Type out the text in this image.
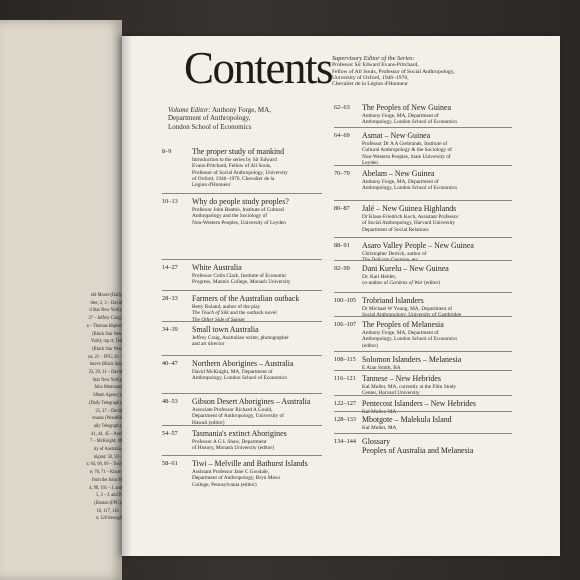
eld Moore (Daily
ther; 2, 3 – David
d Star New York);
37 – Jeffrey Craig;
a – Thomas Höpker
(Black Star New
York); top rt; Ted
(Black Star New
ns; 21 – FPG; 26 –
hoove (Black Star
23, 29, 31 – David
Star New York);
John Marmaras
ldham Agency);
(Daily Telegraph);
25, 37 – David
enaras (Woodfin
aily Telegraph).
41, 44, 45 – Axel
7 – McKnight; 48
ity of Australia.
nigant; 58, 59 –
s; 64, 68, 69 – Tony
e; 70, 71 – Klaus-
from the John M
4, 98, 101 – J. and
5, 2 – J. and P.
(Boston (FPG).
16, 117, 118 –
s; 120 through
Contents Supervisory Editor of the Series:
Professor Sir Edward Evans-Pritchard,
Fellow of All Souls, Professor of Social Anthropology,
University of Oxford, 1946–1970,
Chevalier de la Légion d'Honneur
Volume Editor: Anthony Forge, MA,
Department of Anthropology,
London School of Economics
8–9	The proper study of mankind
Introduction to the series by Sir Edward
Evans-Pritchard, Fellow of All Souls,
Professor of Social Anthropology, University
of Oxford, 1946–1970, Chevalier de la
Légion d'Honneur
10–13 Why do people study peoples?
Professor John Beattie, Institute of Cultural
Anthropology and the Sociology of
Non-Western Peoples, University of Leyden
14–27 White Australia
Professor Colin Clark, Institute of Economic
Progress, Mannix College, Monash University
28–33 Farmers of the Australian outback
Betty Roland, author of the play
The Touch of Silk and the outback novel
The Other Side of Sunset
34–39 Small town Australia
Jeffrey Craig, Australian writer, photographer
and art director
40–47 Northern Aborigines – Australia
David McKnight, MA, Department of
Anthropology, London School of Economics
48–53 Gibson Desert Aborigines – Australia
Associate Professor Richard A Gould,
Department of Anthropology, University of
Hawaii (editor)
54–57 Tasmania's extinct Aborigines
Professor A G L Shaw, Department
of History, Monash University (editor)
58–61 Tiwi – Melville and Bathurst Islands
Assistant Professor Jane C Goodale,
Department of Anthropology, Bryn Mawr
College, Pennsylvania (editor)
62–63 The Peoples of New Guinea
Anthony Forge, MA, Department of
Anthropology, London School of Economics
64–69 Asmat – New Guinea
Professor Dr A A Gerbrands, Institute of
Cultural Anthropology & the Sociology of
Non-Western Peoples, State University of
Leyden
70–79 Abelam – New Guinea
Anthony Forge, MA, Department of
Anthropology, London School of Economics
80–87 Jalé – New Guinea Highlands
Dr Klaus-Friedrich Koch, Assistant Professor
of Social Anthropology, Harvard University
Department of Social Relations
88–91 Asaro Valley People – New Guinea
Christopher Derrick, author of
The Delicate Creation, etc
92–99 Dani Kurelu – New Guinea
Dr. Karl Heider,
co-author of Gardens of War (editor)
100–105 Trobriand Islanders
Dr Michael W Young, MA, Department of
Social Anthropology, University of Cambridge
106–107 The Peoples of Melanesia
Anthony Forge, MA, Department of
Anthropology, London School of Economics
(editor)
108–115 Solomon Islanders – Melanesia
E Alan Smith, BA
116–121 Tannese – New Hebrides
Kal Muller, MA, currently at the Film Study
Center, Harvard University
122–127 Pentecost Islanders – New Hebrides
Kal Muller, MA
128–133 Mbotgote – Malekula Island
Kal Muller, MA
134–144 Glossary
Peoples of Australia and Melanesia
